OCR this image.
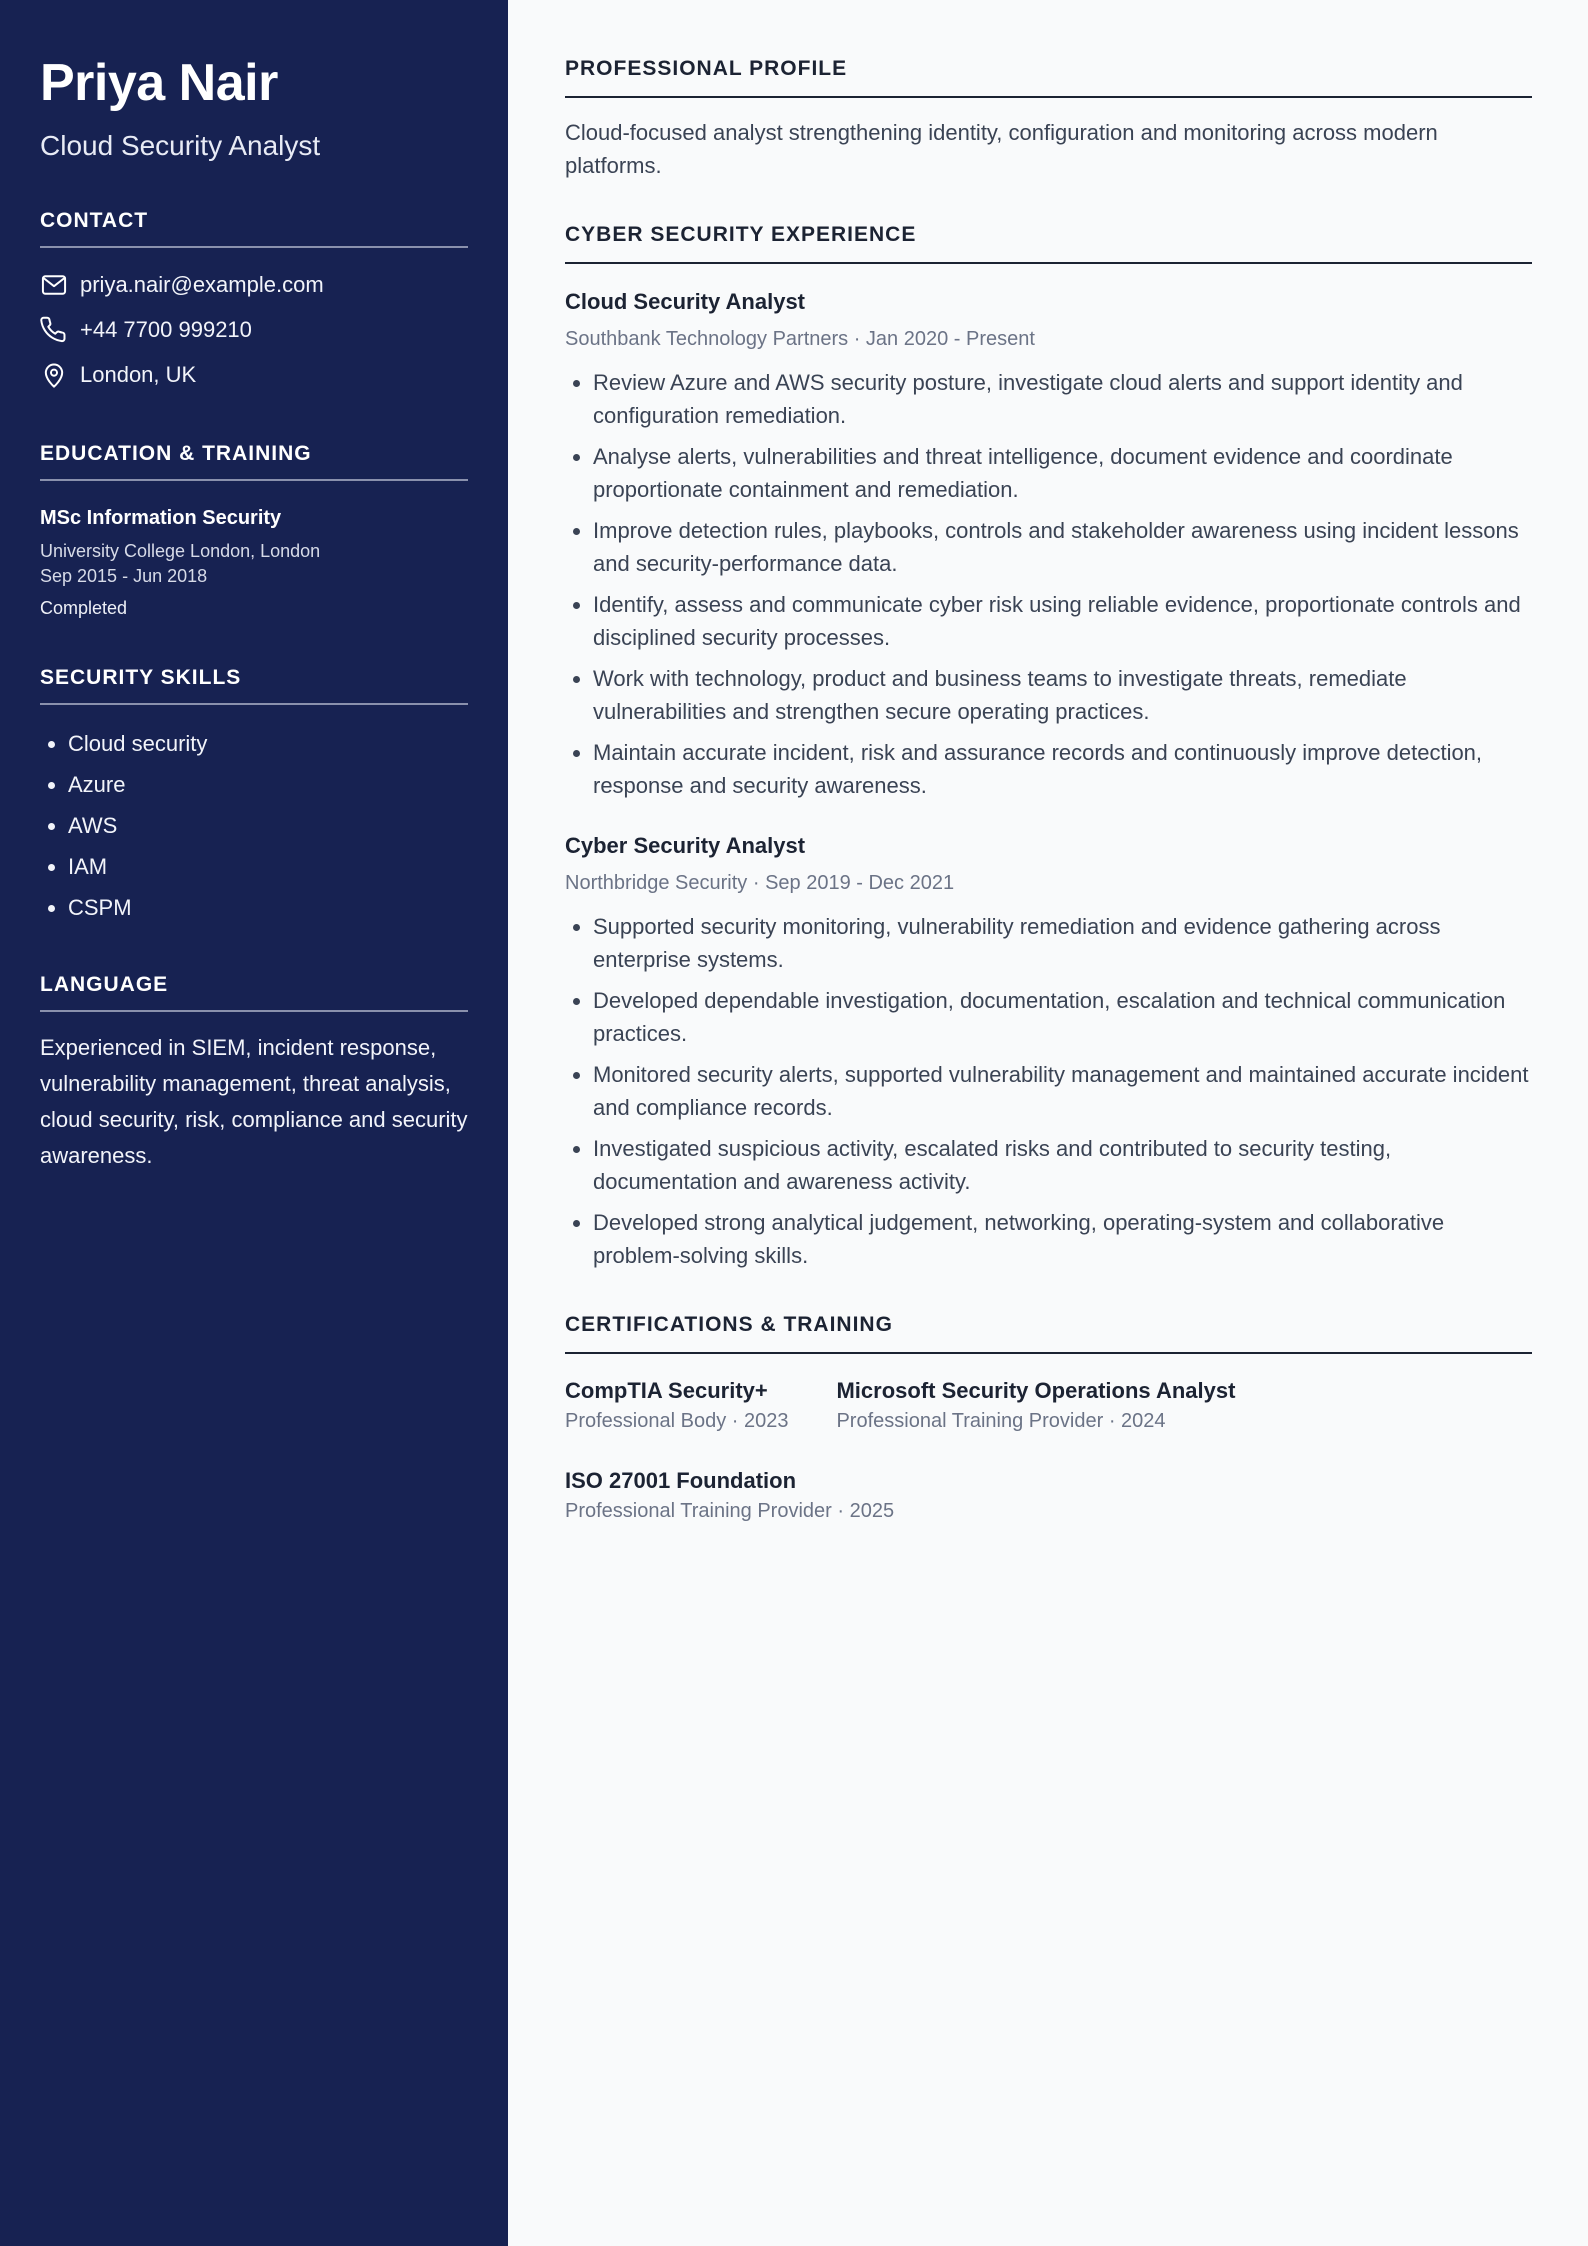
Priya Nair
Cloud Security Analyst
CONTACT
priya.nair@example.com
+44 7700 999210
London, UK
EDUCATION & TRAINING
MSc Information Security
University College London, London
Sep 2015 - Jun 2018
Completed
SECURITY SKILLS
• Cloud security
• Azure
• AWS
• IAM
• CSPM
LANGUAGE

Experienced in SIEM, incident response, vulnerability management, threat analysis, cloud security, risk, compliance and security awareness.

PROFESSIONAL PROFILE

Cloud-focused analyst strengthening identity, configuration and monitoring across modern platforms.

CYBER SECURITY EXPERIENCE
Cloud Security Analyst
Southbank Technology Partners · Jan 2020 - Present
• Review Azure and AWS security posture, investigate cloud alerts and support identity and configuration remediation.
• Analyse alerts, vulnerabilities and threat intelligence, document evidence and coordinate proportionate containment and remediation.
• Improve detection rules, playbooks, controls and stakeholder awareness using incident lessons and security-performance data.
• Identify, assess and communicate cyber risk using reliable evidence, proportionate controls and disciplined security processes.
• Work with technology, product and business teams to investigate threats, remediate vulnerabilities and strengthen secure operating practices.
• Maintain accurate incident, risk and assurance records and continuously improve detection, response and security awareness.
Cyber Security Analyst
Northbridge Security · Sep 2019 - Dec 2021
• Supported security monitoring, vulnerability remediation and evidence gathering across enterprise systems.
• Developed dependable investigation, documentation, escalation and technical communication practices.
• Monitored security alerts, supported vulnerability management and maintained accurate incident and compliance records.
• Investigated suspicious activity, escalated risks and contributed to security testing, documentation and awareness activity.
• Developed strong analytical judgement, networking, operating-system and collaborative problem-solving skills.
CERTIFICATIONS & TRAINING
CompTIA Security+
Professional Body · 2023
Microsoft Security Operations Analyst
Professional Training Provider · 2024
ISO 27001 Foundation
Professional Training Provider · 2025
